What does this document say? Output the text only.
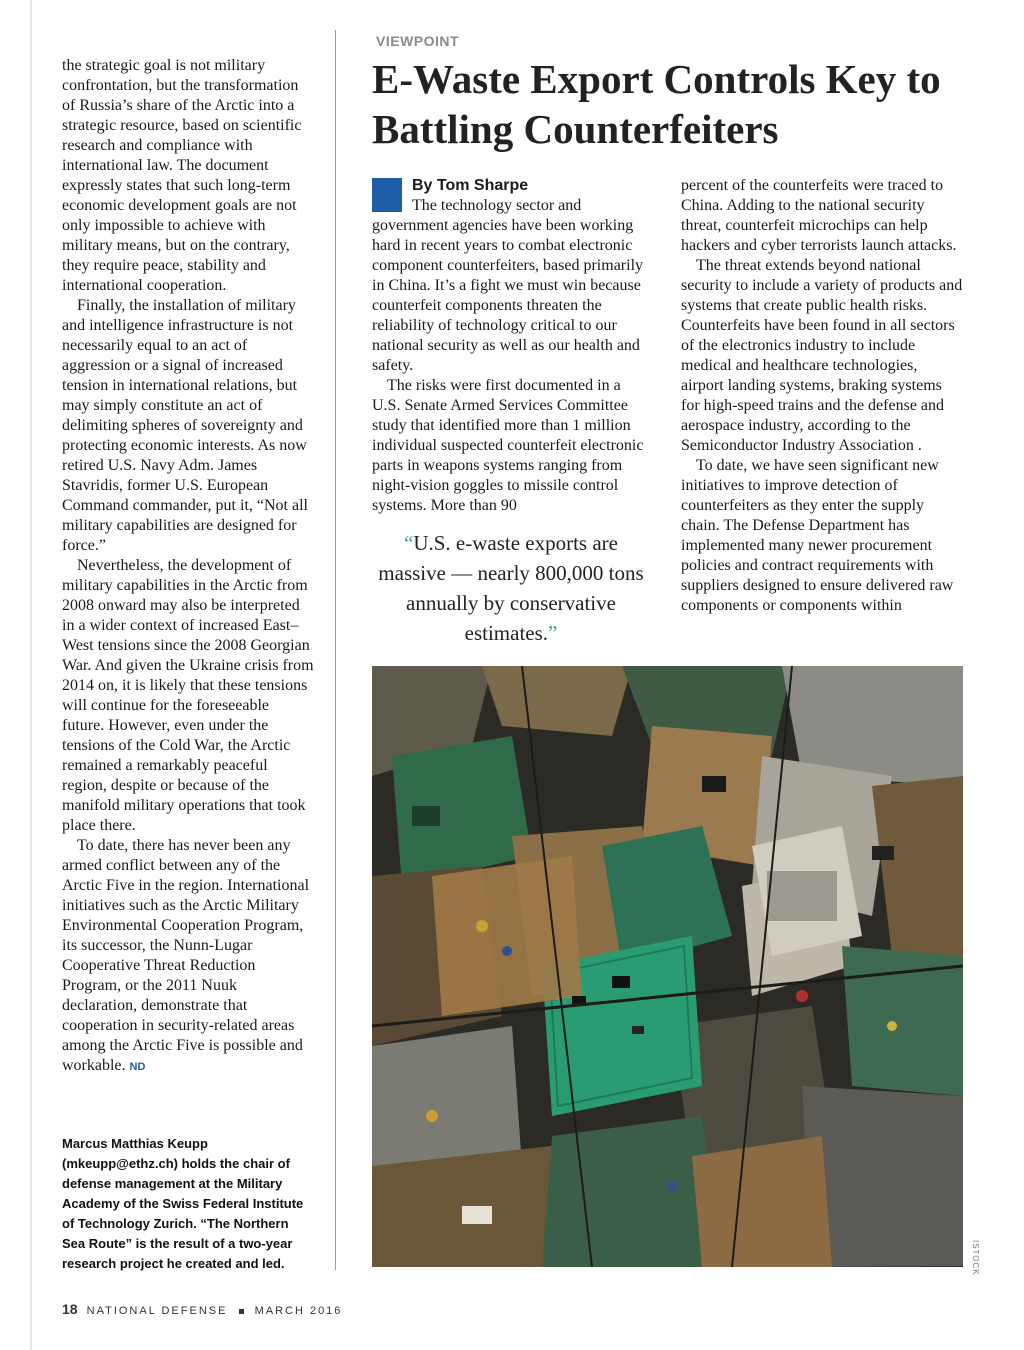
the strategic goal is not military confrontation, but the transformation of Russia’s share of the Arctic into a strategic resource, based on scientific research and compliance with international law. The document expressly states that such long-term economic development goals are not only impossible to achieve with military means, but on the contrary, they require peace, stability and international cooperation.

Finally, the installation of military and intelligence infrastructure is not necessarily equal to an act of aggression or a signal of increased tension in international relations, but may simply constitute an act of delimiting spheres of sovereignty and protecting economic interests. As now retired U.S. Navy Adm. James Stavridis, former U.S. European Command commander, put it, “Not all military capabilities are designed for force.”

Nevertheless, the development of military capabilities in the Arctic from 2008 onward may also be interpreted in a wider context of increased East–West tensions since the 2008 Georgian War. And given the Ukraine crisis from 2014 on, it is likely that these tensions will continue for the foreseeable future. However, even under the tensions of the Cold War, the Arctic remained a remarkably peaceful region, despite or because of the manifold military operations that took place there.

To date, there has never been any armed conflict between any of the Arctic Five in the region. International initiatives such as the Arctic Military Environmental Cooperation Program, its successor, the Nunn-Lugar Cooperative Threat Reduction Program, or the 2011 Nuuk declaration, demonstrate that cooperation in security-related areas among the Arctic Five is possible and workable. ND

Marcus Matthias Keupp (mkeupp@ethz.ch) holds the chair of defense management at the Military Academy of the Swiss Federal Institute of Technology Zurich. “The Northern Sea Route” is the result of a two-year research project he created and led.
18 NATIONAL DEFENSE MARCH 2016
VIEWPOINT
E-Waste Export Controls Key to Battling Counterfeiters
By Tom Sharpe

The technology sector and government agencies have been working hard in recent years to combat electronic component counterfeiters, based primarily in China. It’s a fight we must win because counterfeit components threaten the reliability of technology critical to our national security as well as our health and safety.

The risks were first documented in a U.S. Senate Armed Services Committee study that identified more than 1 million individual suspected counterfeit electronic parts in weapons systems ranging from night-vision goggles to missile control systems. More than 90

“U.S. e-waste exports are massive — nearly 800,000 tons annually by conservative estimates.”

percent of the counterfeits were traced to China. Adding to the national security threat, counterfeit microchips can help hackers and cyber terrorists launch attacks.

The threat extends beyond national security to include a variety of products and systems that create public health risks. Counterfeits have been found in all sectors of the electronics industry to include medical and healthcare technologies, airport landing systems, braking systems for high-speed trains and the defense and aerospace industry, according to the Semiconductor Industry Association .

To date, we have seen significant new initiatives to improve detection of counterfeiters as they enter the supply chain. The Defense Department has implemented many newer procurement policies and contract requirements with suppliers designed to ensure delivered raw components or components within

ISTOCK
